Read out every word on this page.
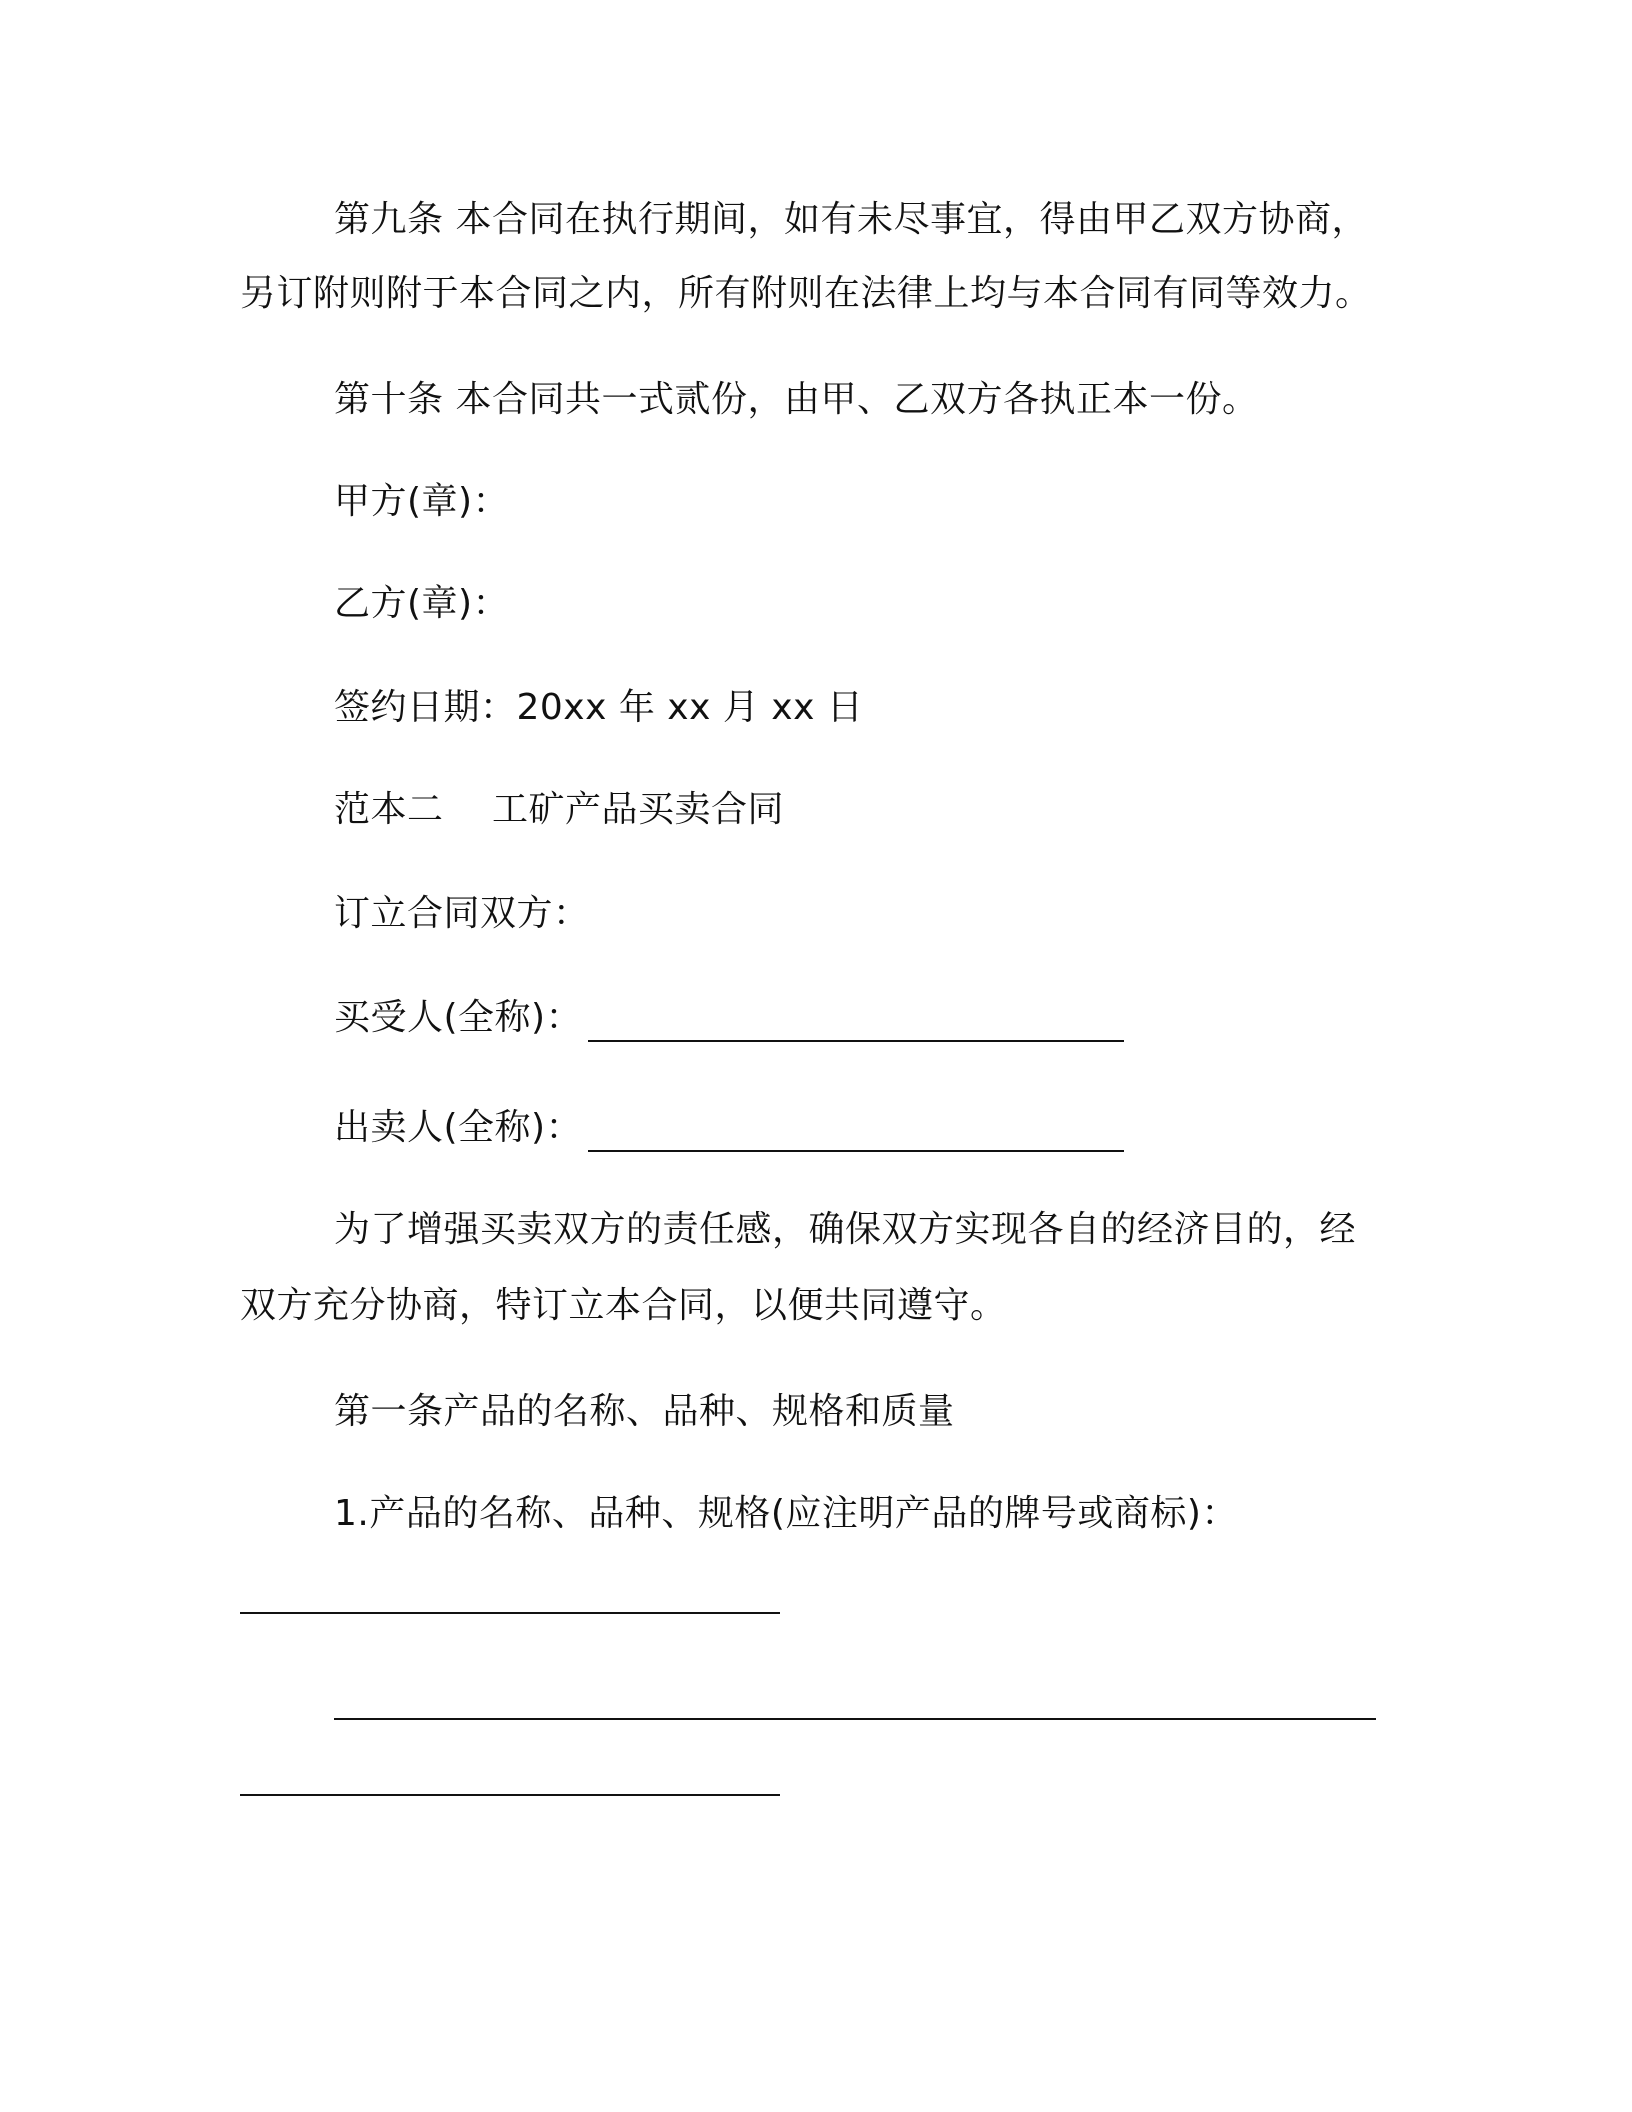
第九条 本合同在执行期间，如有未尽事宜，得由甲乙双方协商，
另订附则附于本合同之内，所有附则在法律上均与本合同有同等效力。
第十条 本合同共一式贰份，由甲、乙双方各执正本一份。
甲方(章)：
乙方(章)：
签约日期：20xx 年 xx 月 xx 日
范本二　 工矿产品买卖合同
订立合同双方：
买受人(全称)：
出卖人(全称)：
为了增强买卖双方的责任感，确保双方实现各自的经济目的，经
双方充分协商，特订立本合同，以便共同遵守。
第一条产品的名称、品种、规格和质量
1.产品的名称、品种、规格(应注明产品的牌号或商标)：
